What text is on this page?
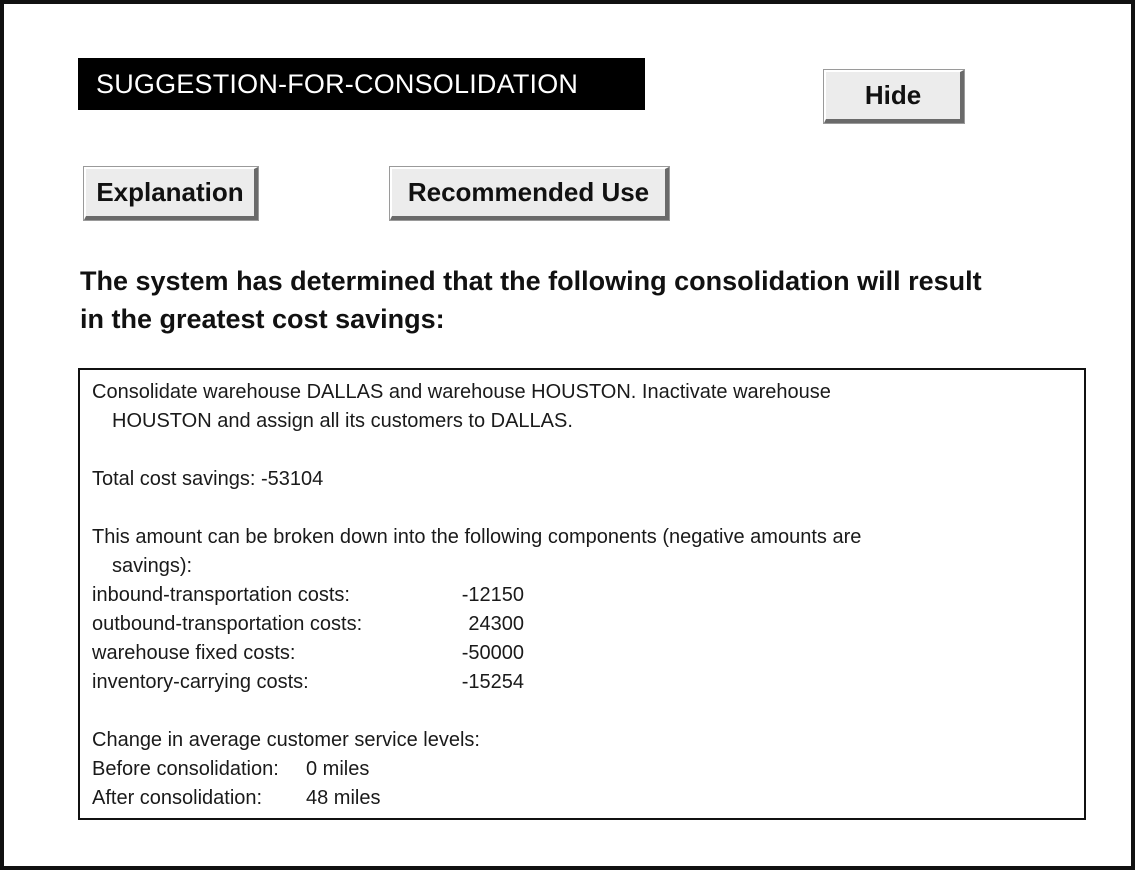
SUGGESTION-FOR-CONSOLIDATION	Hide
Explanation	Recommended Use
The system has determined that the following consolidation will result
in the greatest cost savings:
Consolidate warehouse DALLAS and warehouse HOUSTON. Inactivate warehouse
HOUSTON and assign all its customers to DALLAS.
Total cost savings:
-53104
This amount can be broken down into the following components (negative amounts are
savings):
inbound-transportation costs:	-12150
outbound-transportation costs:	24300
warehouse fixed costs:	-50000
inventory-carrying costs:	-15254
Change in average customer service levels:
Before consolidation:	0 miles
After consolidation:	48 miles
